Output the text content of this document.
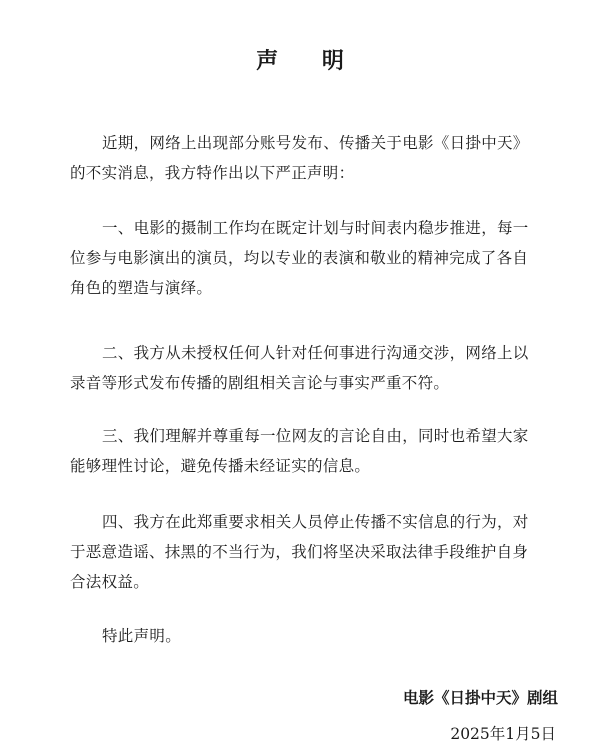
声 明
近期，网络上出现部分账号发布、传播关于电影《日掛中天》的不实消息，我方特作出以下严正声明：
一、电影的摄制工作均在既定计划与时间表内稳步推进，每一位参与电影演出的演员，均以专业的表演和敬业的精神完成了各自角色的塑造与演绎。
二、我方从未授权任何人针对任何事进行沟通交涉，网络上以录音等形式发布传播的剧组相关言论与事实严重不符。
三、我们理解并尊重每一位网友的言论自由，同时也希望大家能够理性讨论，避免传播未经证实的信息。
四、我方在此郑重要求相关人员停止传播不实信息的行为，对于恶意造谣、抹黑的不当行为，我们将坚决采取法律手段维护自身合法权益。
特此声明。
电影《日掛中天》剧组
2025年1月5日
